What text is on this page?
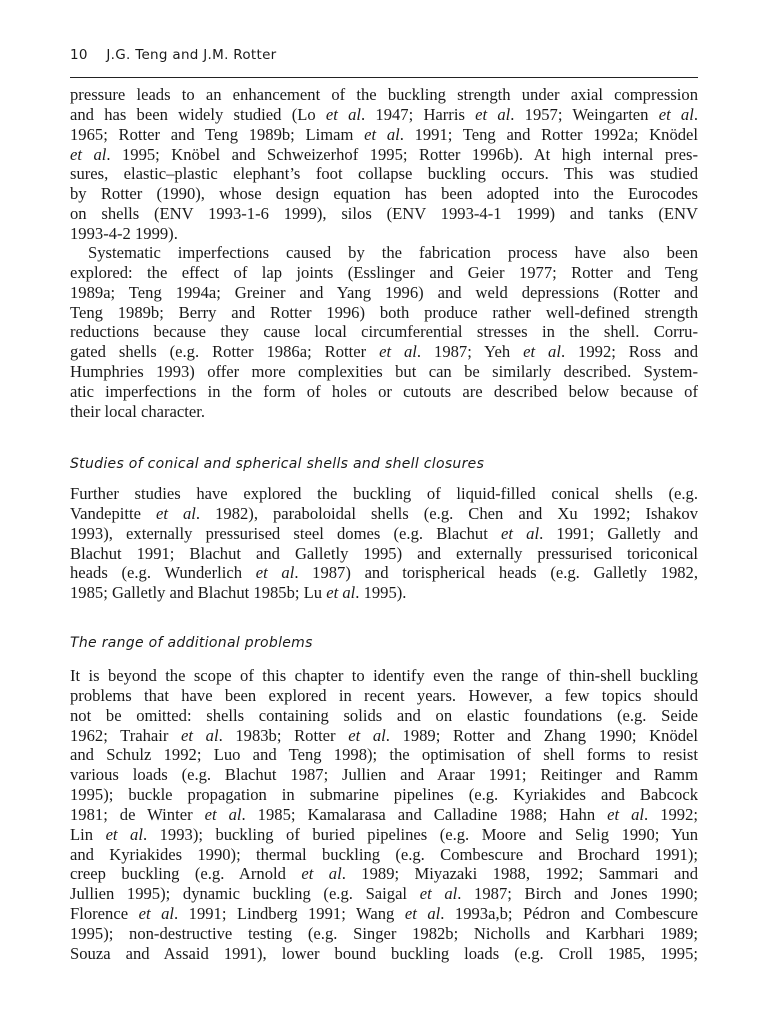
10 J.G. Teng and J.M. Rotter
pressure leads to an enhancement of the buckling strength under axial compression
and has been widely studied (Lo et al. 1947; Harris et al. 1957; Weingarten et al.
1965; Rotter and Teng 1989b; Limam et al. 1991; Teng and Rotter 1992a; Knödel
et al. 1995; Knöbel and Schweizerhof 1995; Rotter 1996b). At high internal pres-
sures, elastic–plastic elephant’s foot collapse buckling occurs. This was studied
by Rotter (1990), whose design equation has been adopted into the Eurocodes
on shells (ENV 1993-1-6 1999), silos (ENV 1993-4-1 1999) and tanks (ENV
1993-4-2 1999).
Systematic imperfections caused by the fabrication process have also been
explored: the effect of lap joints (Esslinger and Geier 1977; Rotter and Teng
1989a; Teng 1994a; Greiner and Yang 1996) and weld depressions (Rotter and
Teng 1989b; Berry and Rotter 1996) both produce rather well-defined strength
reductions because they cause local circumferential stresses in the shell. Corru-
gated shells (e.g. Rotter 1986a; Rotter et al. 1987; Yeh et al. 1992; Ross and
Humphries 1993) offer more complexities but can be similarly described. System-
atic imperfections in the form of holes or cutouts are described below because of
their local character.
Studies of conical and spherical shells and shell closures
Further studies have explored the buckling of liquid-filled conical shells (e.g.
Vandepitte et al. 1982), paraboloidal shells (e.g. Chen and Xu 1992; Ishakov
1993), externally pressurised steel domes (e.g. Blachut et al. 1991; Galletly and
Blachut 1991; Blachut and Galletly 1995) and externally pressurised toriconical
heads (e.g. Wunderlich et al. 1987) and torispherical heads (e.g. Galletly 1982,
1985; Galletly and Blachut 1985b; Lu et al. 1995).
The range of additional problems
It is beyond the scope of this chapter to identify even the range of thin-shell buckling
problems that have been explored in recent years. However, a few topics should
not be omitted: shells containing solids and on elastic foundations (e.g. Seide
1962; Trahair et al. 1983b; Rotter et al. 1989; Rotter and Zhang 1990; Knödel
and Schulz 1992; Luo and Teng 1998); the optimisation of shell forms to resist
various loads (e.g. Blachut 1987; Jullien and Araar 1991; Reitinger and Ramm
1995); buckle propagation in submarine pipelines (e.g. Kyriakides and Babcock
1981; de Winter et al. 1985; Kamalarasa and Calladine 1988; Hahn et al. 1992;
Lin et al. 1993); buckling of buried pipelines (e.g. Moore and Selig 1990; Yun
and Kyriakides 1990); thermal buckling (e.g. Combescure and Brochard 1991);
creep buckling (e.g. Arnold et al. 1989; Miyazaki 1988, 1992; Sammari and
Jullien 1995); dynamic buckling (e.g. Saigal et al. 1987; Birch and Jones 1990;
Florence et al. 1991; Lindberg 1991; Wang et al. 1993a,b; Pédron and Combescure
1995); non-destructive testing (e.g. Singer 1982b; Nicholls and Karbhari 1989;
Souza and Assaid 1991), lower bound buckling loads (e.g. Croll 1985, 1995;
